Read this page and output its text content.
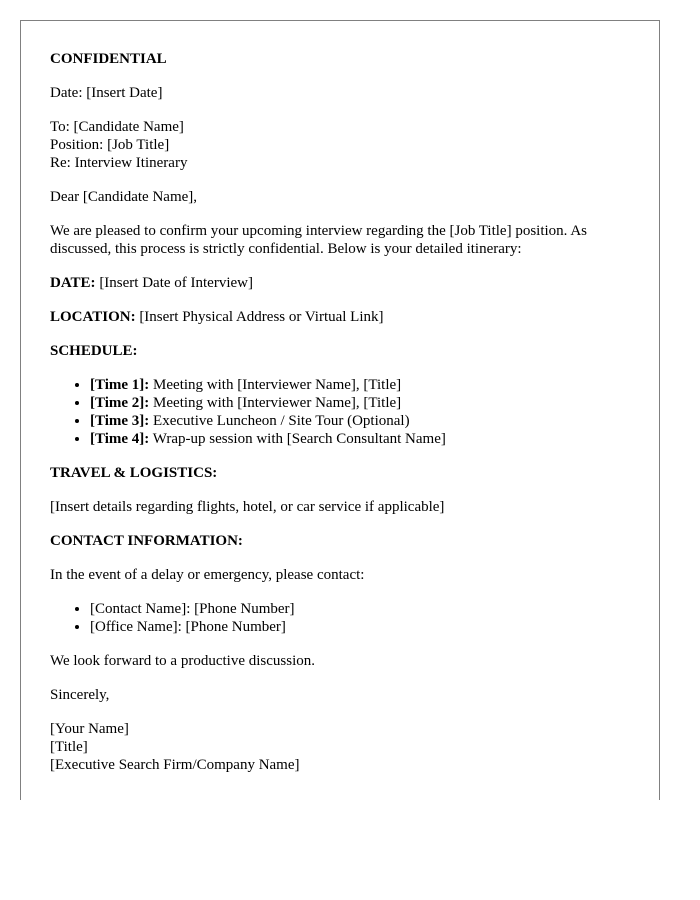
CONFIDENTIAL

Date: [Insert Date]

To: [Candidate Name]
Position: [Job Title]
Re: Interview Itinerary

Dear [Candidate Name],

We are pleased to confirm your upcoming interview regarding the [Job Title] position. As discussed, this process is strictly confidential. Below is your detailed itinerary:

DATE: [Insert Date of Interview]

LOCATION: [Insert Physical Address or Virtual Link]

SCHEDULE:

• [Time 1]: Meeting with [Interviewer Name], [Title]
• [Time 2]: Meeting with [Interviewer Name], [Title]
• [Time 3]: Executive Luncheon / Site Tour (Optional)
• [Time 4]: Wrap-up session with [Search Consultant Name]

TRAVEL & LOGISTICS:

[Insert details regarding flights, hotel, or car service if applicable]

CONTACT INFORMATION:

In the event of a delay or emergency, please contact:

• [Contact Name]: [Phone Number]
• [Office Name]: [Phone Number]

We look forward to a productive discussion.

Sincerely,

[Your Name]
[Title]
[Executive Search Firm/Company Name]
